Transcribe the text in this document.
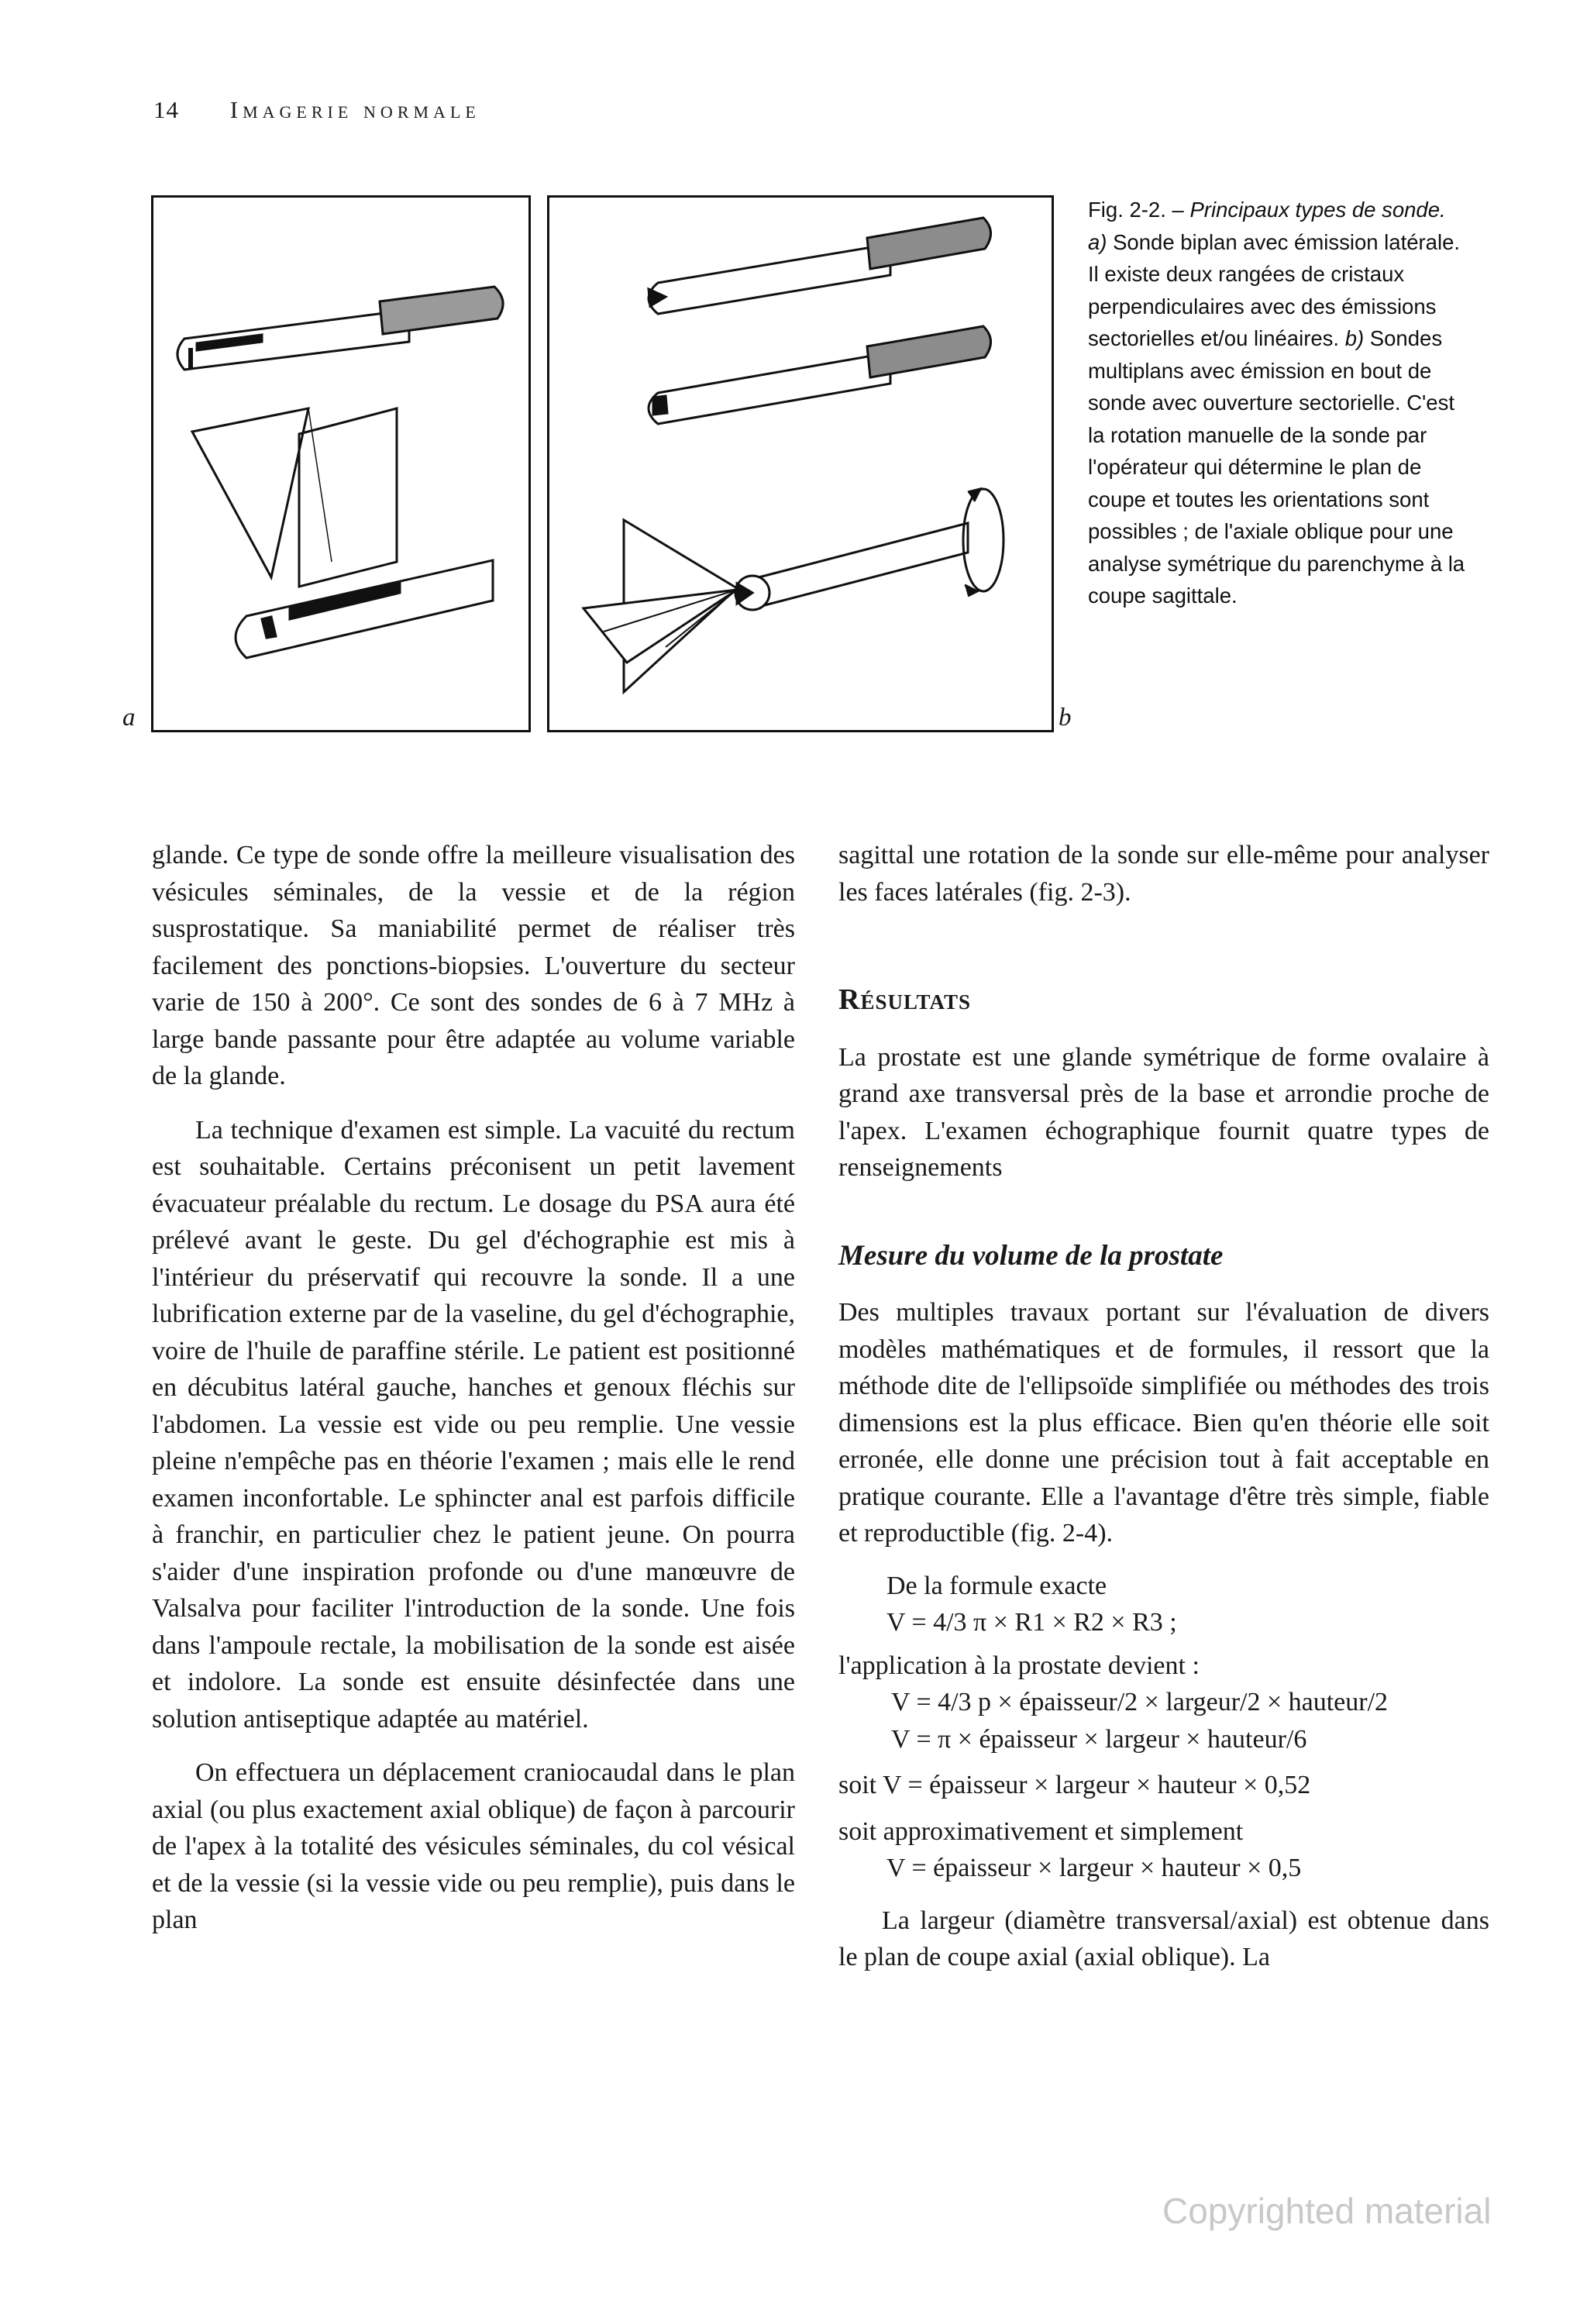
14 Imagerie normale
a	b

Fig. 2-2. – Principaux types de sonde.

a) Sonde biplan avec émission latérale. Il existe deux rangées de cristaux perpendiculaires avec des émissions sectorielles et/ou linéaires. b) Sondes multiplans avec émission en bout de sonde avec ouverture sectorielle. C'est la rotation manuelle de la sonde par l'opérateur qui détermine le plan de coupe et toutes les orientations sont possibles ; de l'axiale oblique pour une analyse symétrique du parenchyme à la coupe sagittale.

glande. Ce type de sonde offre la meilleure visualisation des vésicules séminales, de la vessie et de la région susprostatique. Sa maniabilité permet de réaliser très facilement des ponctions-biopsies. L'ouverture du secteur varie de 150 à 200°. Ce sont des sondes de 6 à 7 MHz à large bande passante pour être adaptée au volume variable de la glande.

La technique d'examen est simple. La vacuité du rectum est souhaitable. Certains préconisent un petit lavement évacuateur préalable du rectum. Le dosage du PSA aura été prélevé avant le geste. Du gel d'échographie est mis à l'intérieur du préservatif qui recouvre la sonde. Il a une lubrification externe par de la vaseline, du gel d'échographie, voire de l'huile de paraffine stérile. Le patient est positionné en décubitus latéral gauche, hanches et genoux fléchis sur l'abdomen. La vessie est vide ou peu remplie. Une vessie pleine n'empêche pas en théorie l'examen ; mais elle le rend examen inconfortable. Le sphincter anal est parfois difficile à franchir, en particulier chez le patient jeune. On pourra s'aider d'une inspiration profonde ou d'une manœuvre de Valsalva pour faciliter l'introduction de la sonde. Une fois dans l'ampoule rectale, la mobilisation de la sonde est aisée et indolore. La sonde est ensuite désinfectée dans une solution antiseptique adaptée au matériel.

On effectuera un déplacement craniocaudal dans le plan axial (ou plus exactement axial oblique) de façon à parcourir de l'apex à la totalité des vésicules séminales, du col vésical et de la vessie (si la vessie vide ou peu remplie), puis dans le plan

sagittal une rotation de la sonde sur elle-même pour analyser les faces latérales (fig. 2-3).

Résultats

La prostate est une glande symétrique de forme ovalaire à grand axe transversal près de la base et arrondie proche de l'apex. L'examen échographique fournit quatre types de renseignements

Mesure du volume de la prostate

Des multiples travaux portant sur l'évaluation de divers modèles mathématiques et de formules, il ressort que la méthode dite de l'ellipsoïde simplifiée ou méthodes des trois dimensions est la plus efficace. Bien qu'en théorie elle soit erronée, elle donne une précision tout à fait acceptable en pratique courante. Elle a l'avantage d'être très simple, fiable et reproductible (fig. 2-4).

De la formule exacte

V = 4/3 π × R1 × R2 × R3 ;

l'application à la prostate devient :

V = 4/3 p × épaisseur/2 × largeur/2 × hauteur/2

V = π × épaisseur × largeur × hauteur/6

soit V = épaisseur × largeur × hauteur × 0,52

soit approximativement et simplement

V = épaisseur × largeur × hauteur × 0,5

La largeur (diamètre transversal/axial) est obtenue dans le plan de coupe axial (axial oblique). La

Copyrighted material
